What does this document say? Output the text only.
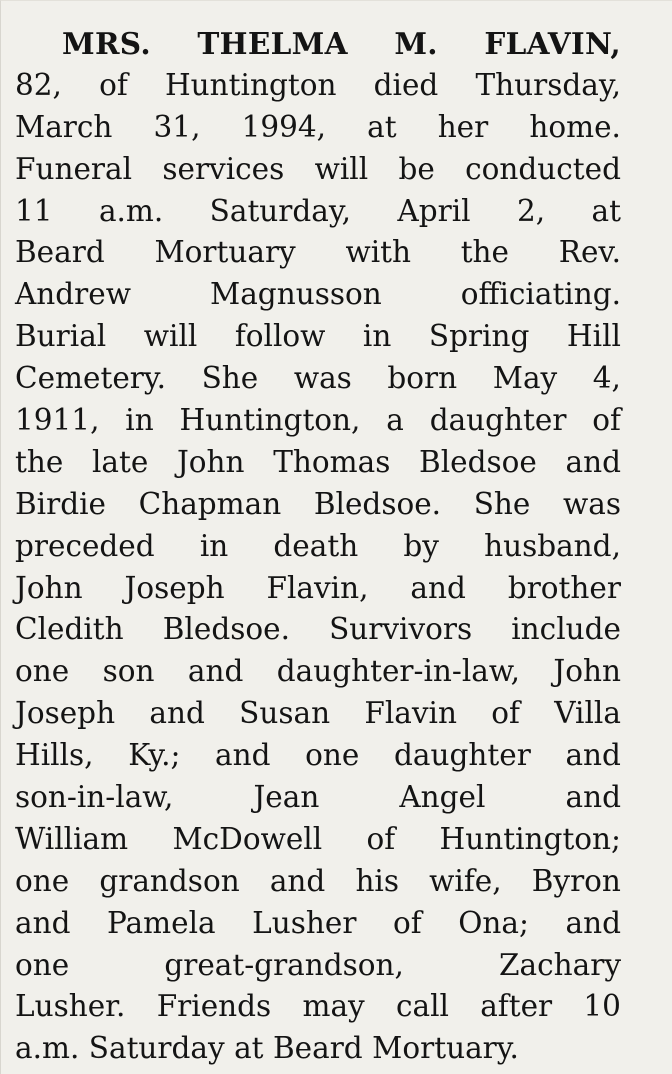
MRS. THELMA M. FLAVIN,
82, of Huntington died Thursday,
March 31, 1994, at her home.
Funeral services will be conducted
11 a.m. Saturday, April 2, at
Beard Mortuary with the Rev.
Andrew	Magnusson	officiating.
Burial will follow in Spring Hill
Cemetery. She was born May 4,
1911, in Huntington, a daughter of
the late John Thomas Bledsoe and
Birdie Chapman Bledsoe. She was
preceded in death by husband,
John Joseph Flavin, and brother
Cledith Bledsoe. Survivors include
one son and daughter-in-law, John
Joseph and Susan Flavin of Villa
Hills, Ky.; and one daughter and
son-in-law,	Jean	Angel	and
William McDowell of Huntington;
one grandson and his wife, Byron
and Pamela Lusher of Ona; and
one	great-grandson,	Zachary
Lusher. Friends may call after 10
a.m. Saturday at Beard Mortuary.
